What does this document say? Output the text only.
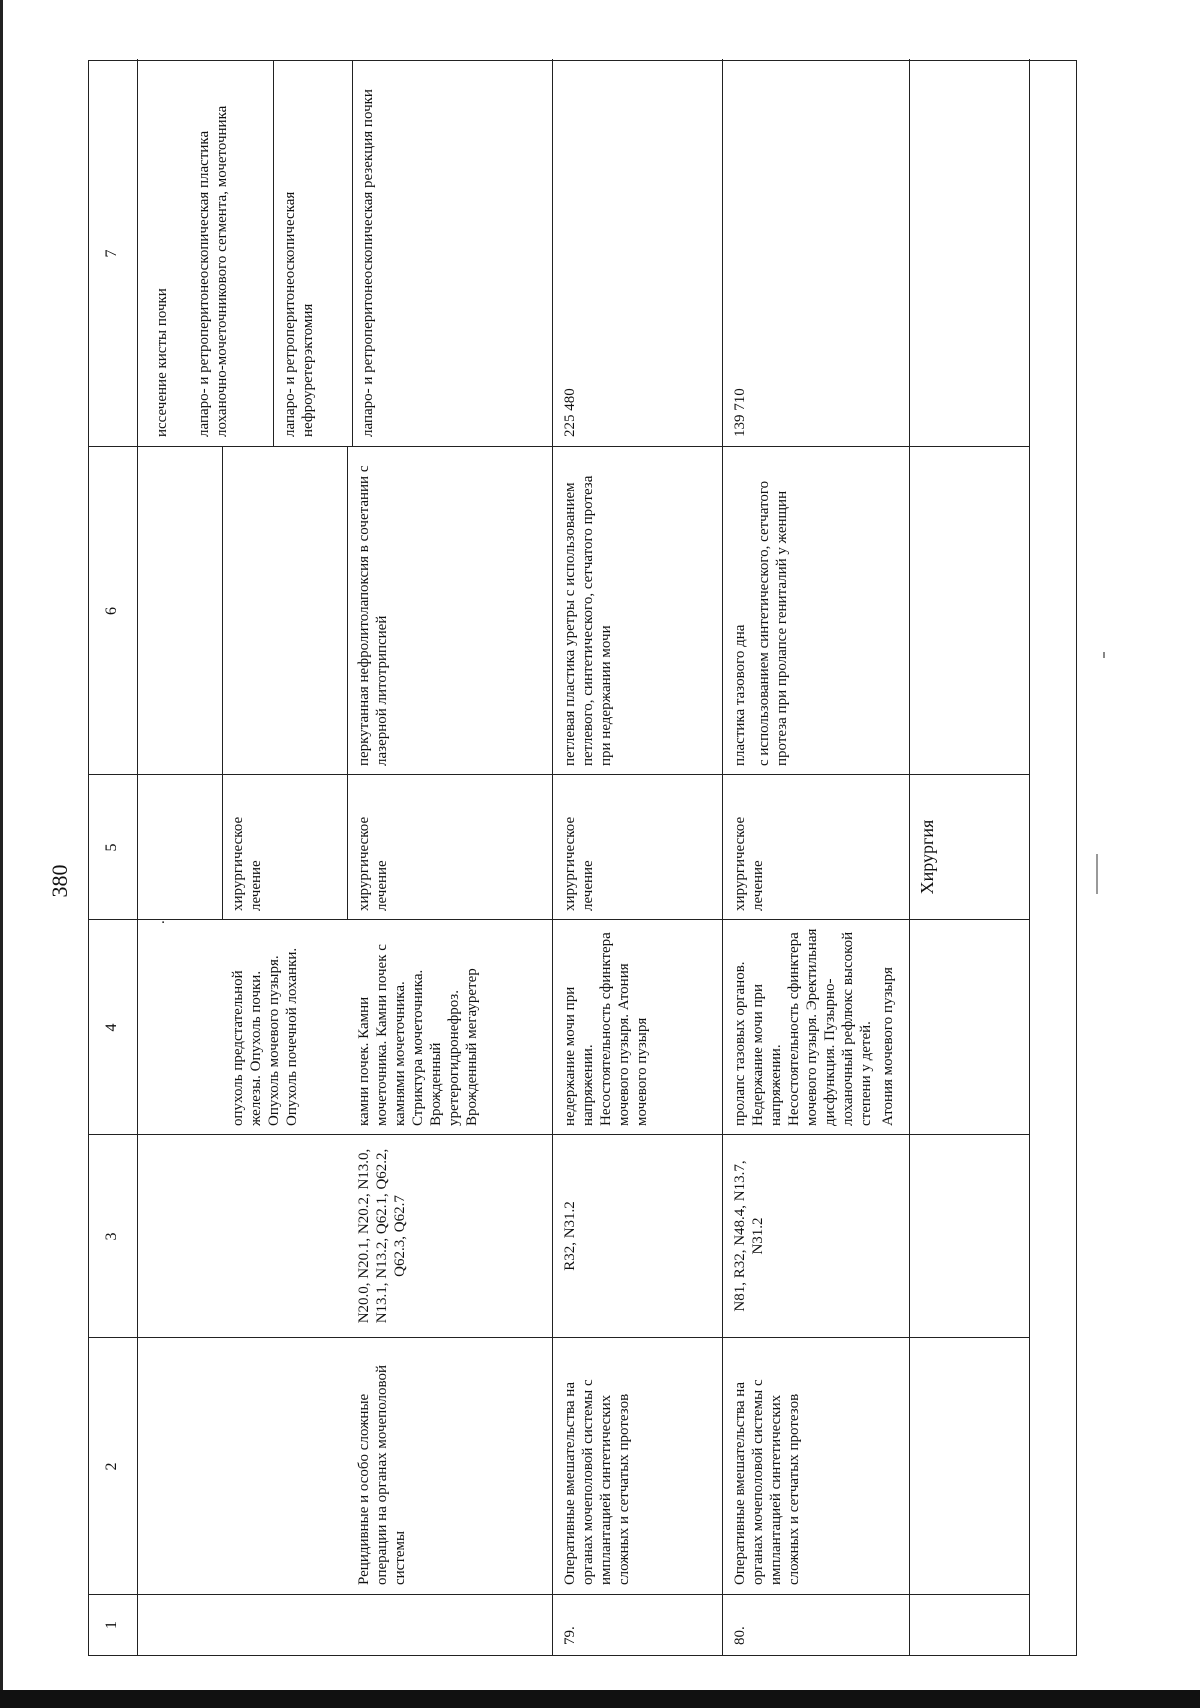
380
1
2
3
4
5
6
7
.
иссечение кисты почки лапаро- и ретроперитонеоскопическая пластика лоханочно-мочеточникового сегмента, мочеточника
опухоль предстательной железы. Опухоль почки. Опухоль мочевого пузыря. Опухоль почечной лоханки.
хирургическое лечение
лапаро- и ретроперитонеоскопическая нефроуретерэктомия	лапаро- и ретроперитонеоскопическая резекция почки
Рецидивные и особо сложные операции на органах мочеполовой системы
N20.0, N20.1, N20.2, N13.0, N13.1, N13.2, Q62.1, Q62.2, Q62.3, Q62.7
камни почек. Камни мочеточника. Камни почек с камнями мочеточника. Стриктура мочеточника. Врожденный уретерогидронефроз. Врожденный мегауретер
хирургическое лечение
перкутанная нефролитолапоксия в сочетании с лазерной литотрипсией
79.
Оперативные вмешательства на органах мочеполовой системы с имплантацией синтетических сложных и сетчатых протезов
R32, N31.2
недержание мочи при напряжении. Несостоятельность сфинктера мочевого пузыря. Атония мочевого пузыря
хирургическое лечение
петлевая пластика уретры с использованием петлевого, синтетического, сетчатого протеза при недержании мочи
225 480
80.
Оперативные вмешательства на органах мочеполовой системы с имплантацией синтетических сложных и сетчатых протезов
N81, R32, N48.4, N13.7, N31.2
пролапс тазовых органов. Недержание мочи при напряжении. Несостоятельность сфинктера мочевого пузыря. Эректильная дисфункция. Пузырно-лоханочный рефлюкс высокой степени у детей. Атония мочевого пузыря
хирургическое лечение
пластика тазового дна с использованием синтетического, сетчатого протеза при пролапсе гениталий у женщин
139 710
Хирургия
